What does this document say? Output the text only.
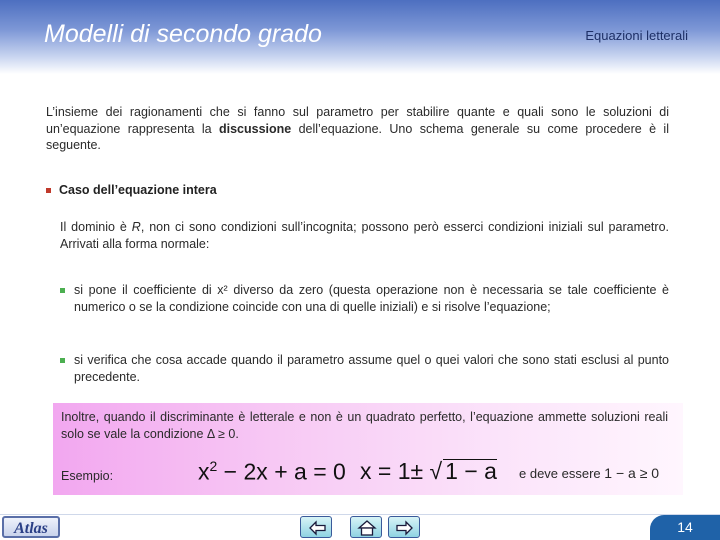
Modelli di secondo grado	Equazioni letterali
L’insieme dei ragionamenti che si fanno sul parametro per stabilire quante e quali sono le soluzioni di un’equazione rappresenta la discussione dell’equazione. Uno schema generale su come procedere è il seguente.
Caso dell’equazione intera
Il dominio è R, non ci sono condizioni sull’incognita; possono però esserci condizioni iniziali sul parametro. Arrivati alla forma normale:
si pone il coefficiente di x² diverso da zero (questa operazione non è necessaria se tale coefficiente è numerico o se la condizione coincide con una di quelle iniziali) e si risolve l’equazione;
si verifica che cosa accade quando il parametro assume quel o quei valori che sono stati esclusi al punto precedente.
Inoltre, quando il discriminante è letterale e non è un quadrato perfetto, l’equazione ammette soluzioni reali solo se vale la condizione Δ ≥ 0.
Esempio:	$x^2 - 2x + a = 0$ x = 1± √ 1 − a e deve essere 1 − a ≥ 0
Atlas	14
